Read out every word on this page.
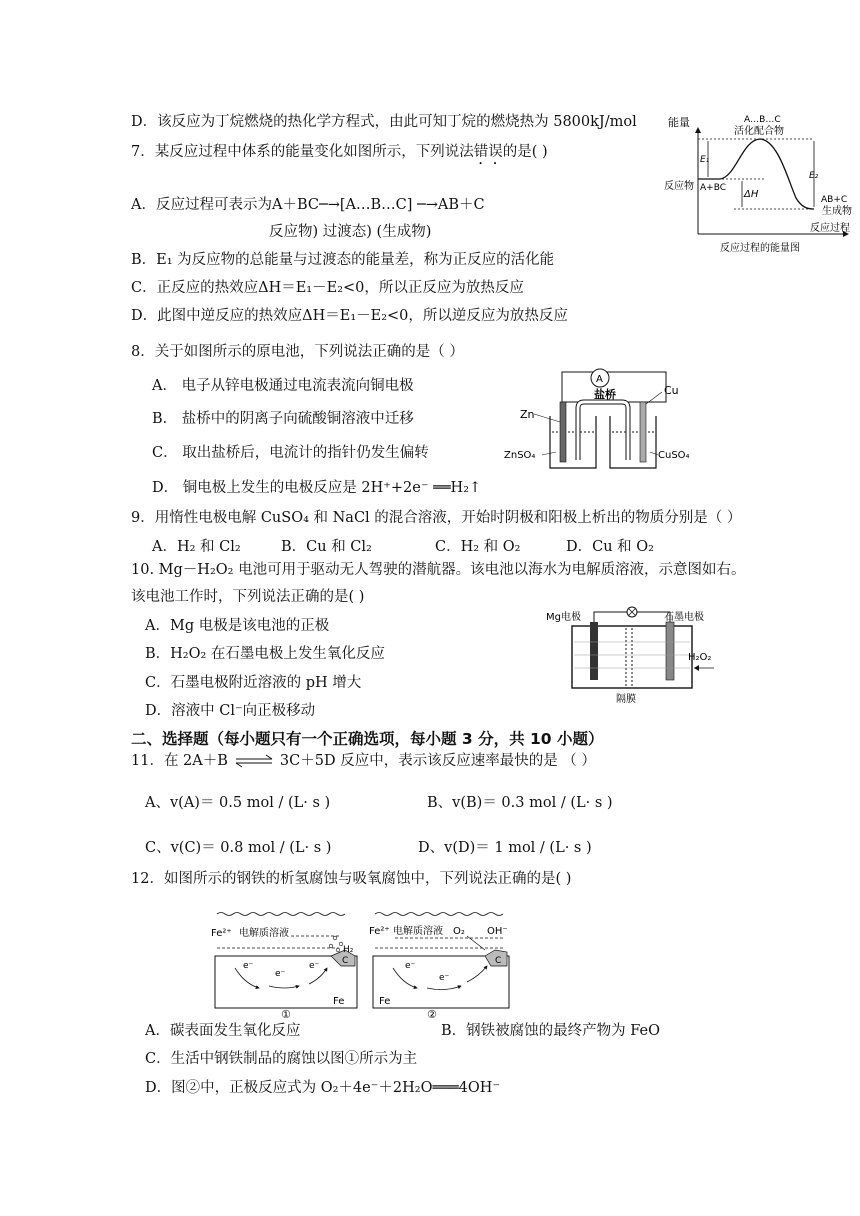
D．该反应为丁烷燃烧的热化学方程式，由此可知丁烷的燃烧热为 5800kJ/mol
7．某反应过程中体系的能量变化如图所示，下列说法错误的是( )
A．反应过程可表示为A＋BC─→[A…B…C] ─→AB＋C
反应物) 过渡态) (生成物)
B．E₁ 为反应物的总能量与过渡态的能量差，称为正反应的活化能
C．正反应的热效应ΔH＝E₁－E₂<0，所以正反应为放热反应
D．此图中逆反应的热效应ΔH＝E₁－E₂<0，所以逆反应为放热反应
能量	A…B…C
活化配合物
E₁
E₂
ΔH
反应物 A+BC
AB+C
生成物
反应过程
反应过程的能量图
8．关于如图所示的原电池，下列说法正确的是（ ）
A． 电子从锌电极通过电流表流向铜电极
B． 盐桥中的阴离子向硫酸铜溶液中迁移
C． 取出盐桥后，电流计的指针仍发生偏转
D． 铜电极上发生的电极反应是 2H⁺+2e⁻ ══H₂↑
A
盐桥
Zn
Cu
ZnSO₄	CuSO₄
9．用惰性电极电解 CuSO₄ 和 NaCl 的混合溶液，开始时阴极和阳极上析出的物质分别是（ ）
A．H₂ 和 Cl₂	B．Cu 和 Cl₂	C．H₂ 和 O₂	D．Cu 和 O₂
10. Mg－H₂O₂ 电池可用于驱动无人驾驶的潜航器。该电池以海水为电解质溶液，示意图如右。
该电池工作时，下列说法正确的是( )
A．Mg 电极是该电池的正极
B．H₂O₂ 在石墨电极上发生氧化反应
C．石墨电极附近溶液的 pH 增大
D．溶液中 Cl⁻向正极移动
Mg电极	石墨电极
H₂O₂
隔膜
二、选择题（每小题只有一个正确选项，每小题 3 分，共 10 小题）
11．在 2A＋B ⇌ 3C＋5D 反应中，表示该反应速率最快的是 （ ）
A、v(A)＝ 0.5 mol / (L· s )	B、v(B)＝ 0.3 mol / (L· s )
C、v(C)＝ 0.8 mol / (L· s )	D、v(D)＝ 1 mol / (L· s )
12．如图所示的钢铁的析氢腐蚀与吸氧腐蚀中，下列说法正确的是( )
C
Fe²⁺ 电解质溶液
H₂
e⁻
e⁻
e⁻
Fe
①
C
Fe²⁺ 电解质溶液 O₂ OH⁻
e⁻
e⁻
Fe
②
A．碳表面发生氧化反应	B．钢铁被腐蚀的最终产物为 FeO
C．生活中钢铁制品的腐蚀以图①所示为主
D．图②中，正极反应式为 O₂＋4e⁻＋2H₂O═══4OH⁻
